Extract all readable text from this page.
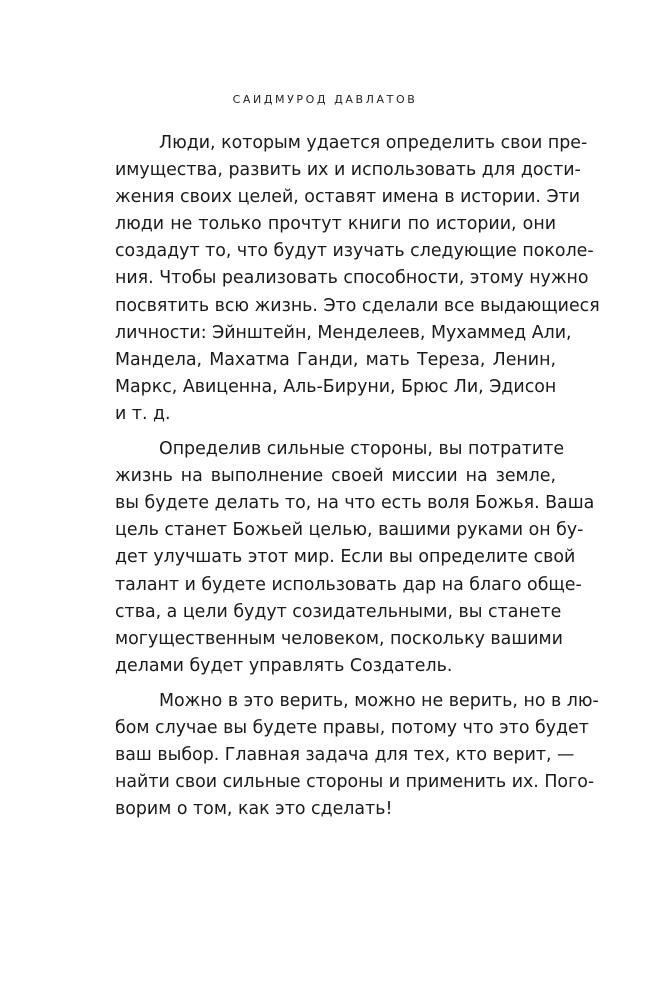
САИДМУРОД ДАВЛАТОВ
Люди, которым удается определить свои пре-
имущества, развить их и использовать для дости-
жения своих целей, оставят имена в истории. Эти
люди не только прочтут книги по истории, они
создадут то, что будут изучать следующие поколе-
ния. Чтобы реализовать способности, этому нужно
посвятить всю жизнь. Это сделали все выдающиеся
личности: Эйнштейн, Менделеев, Мухаммед Али,
Мандела, Махатма Ганди, мать Тереза, Ленин,
Маркс, Авиценна, Аль-Бируни, Брюс Ли, Эдисон
и т. д.
Определив сильные стороны, вы потратите
жизнь на выполнение своей миссии на земле,
вы будете делать то, на что есть воля Божья. Ваша
цель станет Божьей целью, вашими руками он бу-
дет улучшать этот мир. Если вы определите свой
талант и будете использовать дар на благо обще-
ства, а цели будут созидательными, вы станете
могущественным человеком, поскольку вашими
делами будет управлять Создатель.
Можно в это верить, можно не верить, но в лю-
бом случае вы будете правы, потому что это будет
ваш выбор. Главная задача для тех, кто верит, —
найти свои сильные стороны и применить их. Пого-
ворим о том, как это сделать!
